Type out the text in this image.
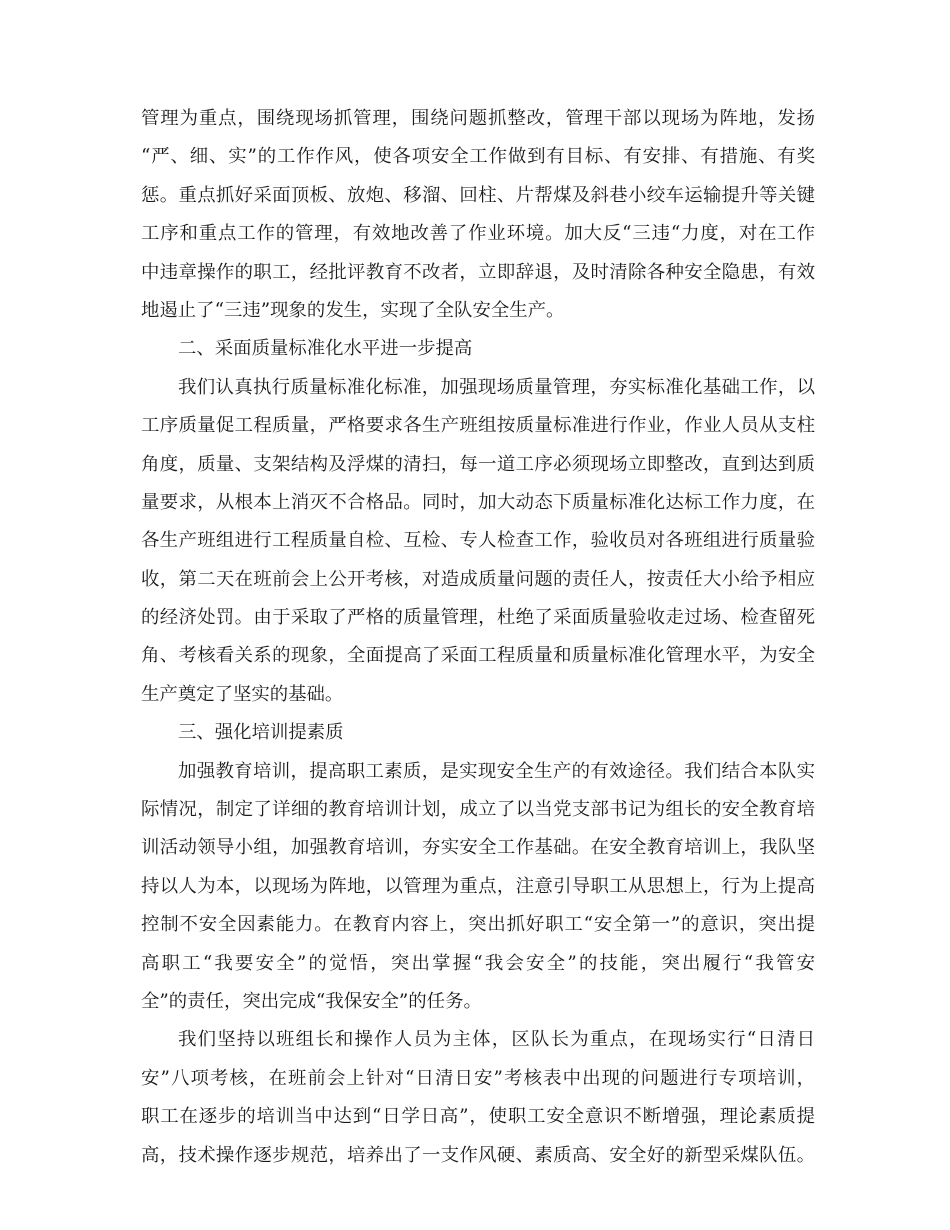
管理为重点，围绕现场抓管理，围绕问题抓整改，管理干部以现场为阵地，发扬
“严、细、实”的工作作风，使各项安全工作做到有目标、有安排、有措施、有奖
惩。重点抓好采面顶板、放炮、移溜、回柱、片帮煤及斜巷小绞车运输提升等关键
工序和重点工作的管理，有效地改善了作业环境。加大反“三违“力度，对在工作
中违章操作的职工，经批评教育不改者，立即辞退，及时清除各种安全隐患，有效
地遏止了“三违”现象的发生，实现了全队安全生产。
二、采面质量标准化水平进一步提高
我们认真执行质量标准化标准，加强现场质量管理，夯实标准化基础工作，以
工序质量促工程质量，严格要求各生产班组按质量标准进行作业，作业人员从支柱
角度，质量、支架结构及浮煤的清扫，每一道工序必须现场立即整改，直到达到质
量要求，从根本上消灭不合格品。同时，加大动态下质量标准化达标工作力度，在
各生产班组进行工程质量自检、互检、专人检查工作，验收员对各班组进行质量验
收，第二天在班前会上公开考核，对造成质量问题的责任人，按责任大小给予相应
的经济处罚。由于采取了严格的质量管理，杜绝了采面质量验收走过场、检查留死
角、考核看关系的现象，全面提高了采面工程质量和质量标准化管理水平，为安全
生产奠定了坚实的基础。
三、强化培训提素质
加强教育培训，提高职工素质，是实现安全生产的有效途径。我们结合本队实
际情况，制定了详细的教育培训计划，成立了以当党支部书记为组长的安全教育培
训活动领导小组，加强教育培训，夯实安全工作基础。在安全教育培训上，我队坚
持以人为本，以现场为阵地，以管理为重点，注意引导职工从思想上，行为上提高
控制不安全因素能力。在教育内容上，突出抓好职工“安全第一”的意识，突出提
高职工“我要安全”的觉悟，突出掌握“我会安全”的技能，突出履行“我管安
全”的责任，突出完成“我保安全”的任务。
我们坚持以班组长和操作人员为主体，区队长为重点，在现场实行“日清日
安”八项考核，在班前会上针对“日清日安”考核表中出现的问题进行专项培训，
职工在逐步的培训当中达到“日学日高”，使职工安全意识不断增强，理论素质提
高，技术操作逐步规范，培养出了一支作风硬、素质高、安全好的新型采煤队伍。
